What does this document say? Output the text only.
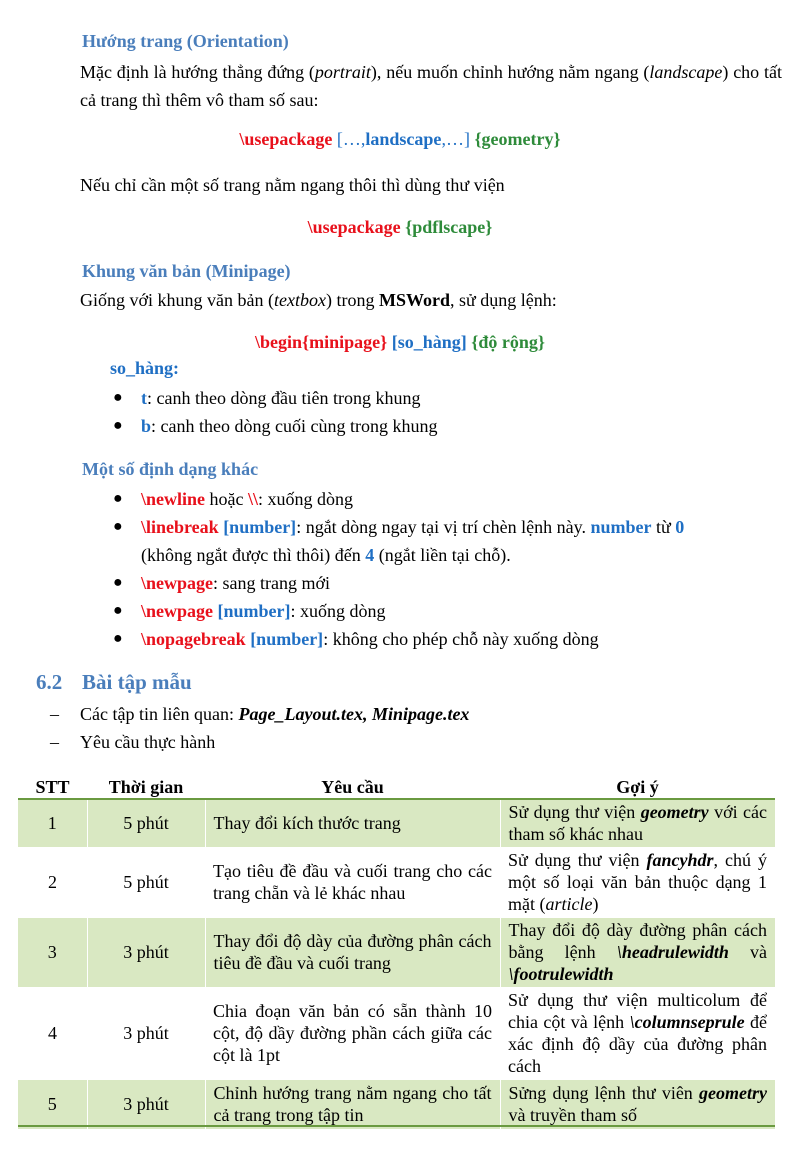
Hướng trang (Orientation)
Mặc định là hướng thẳng đứng (portrait), nếu muốn chỉnh hướng nằm ngang (landscape) cho tất cả trang thì thêm vô tham số sau:
\usepackage […,landscape,…] {geometry}
Nếu chỉ cần một số trang nằm ngang thôi thì dùng thư viện
\usepackage {pdflscape}
Khung văn bản (Minipage)
Giống với khung văn bản (textbox) trong MSWord, sử dụng lệnh:
\begin{minipage} [so_hàng] {độ rộng}
so_hàng:
● t: canh theo dòng đầu tiên trong khung
● b: canh theo dòng cuối cùng trong khung
Một số định dạng khác
● \newline hoặc \\: xuống dòng
● \linebreak [number]: ngắt dòng ngay tại vị trí chèn lệnh này. number từ 0
(không ngắt được thì thôi) đến 4 (ngắt liền tại chỗ).
● \newpage: sang trang mới
● \newpage [number]: xuống dòng
● \nopagebreak [number]: không cho phép chỗ này xuống dòng
6.2 Bài tập mẫu
– Các tập tin liên quan: Page_Layout.tex, Minipage.tex
– Yêu cầu thực hành
STT	Thời gian	Yêu cầu	Gợi ý
1	5 phút	Thay đổi kích thước trang	Sử dụng thư viện geometry với các tham số khác nhau
2	5 phút	Tạo tiêu đề đầu và cuối trang cho các trang chẵn và lẻ khác nhau	Sử dụng thư viện fancyhdr, chú ý một số loại văn bản thuộc dạng 1 mặt (article)
3	3 phút	Thay đổi độ dày của đường phân cách tiêu đề đầu và cuối trang	Thay đổi độ dày đường phân cách bằng lệnh \headrulewidth và \footrulewidth
4	3 phút	Chia đoạn văn bản có sẵn thành 10 cột, độ dầy đường phần cách giữa các cột là 1pt	Sử dụng thư viện multicolum để chia cột và lệnh \columnseprule để xác định độ dầy của đường phân cách
5	3 phút	Chỉnh hướng trang nằm ngang cho tất cả trang trong tập tin	Sửng dụng lệnh thư viên geometry và truyền tham số
